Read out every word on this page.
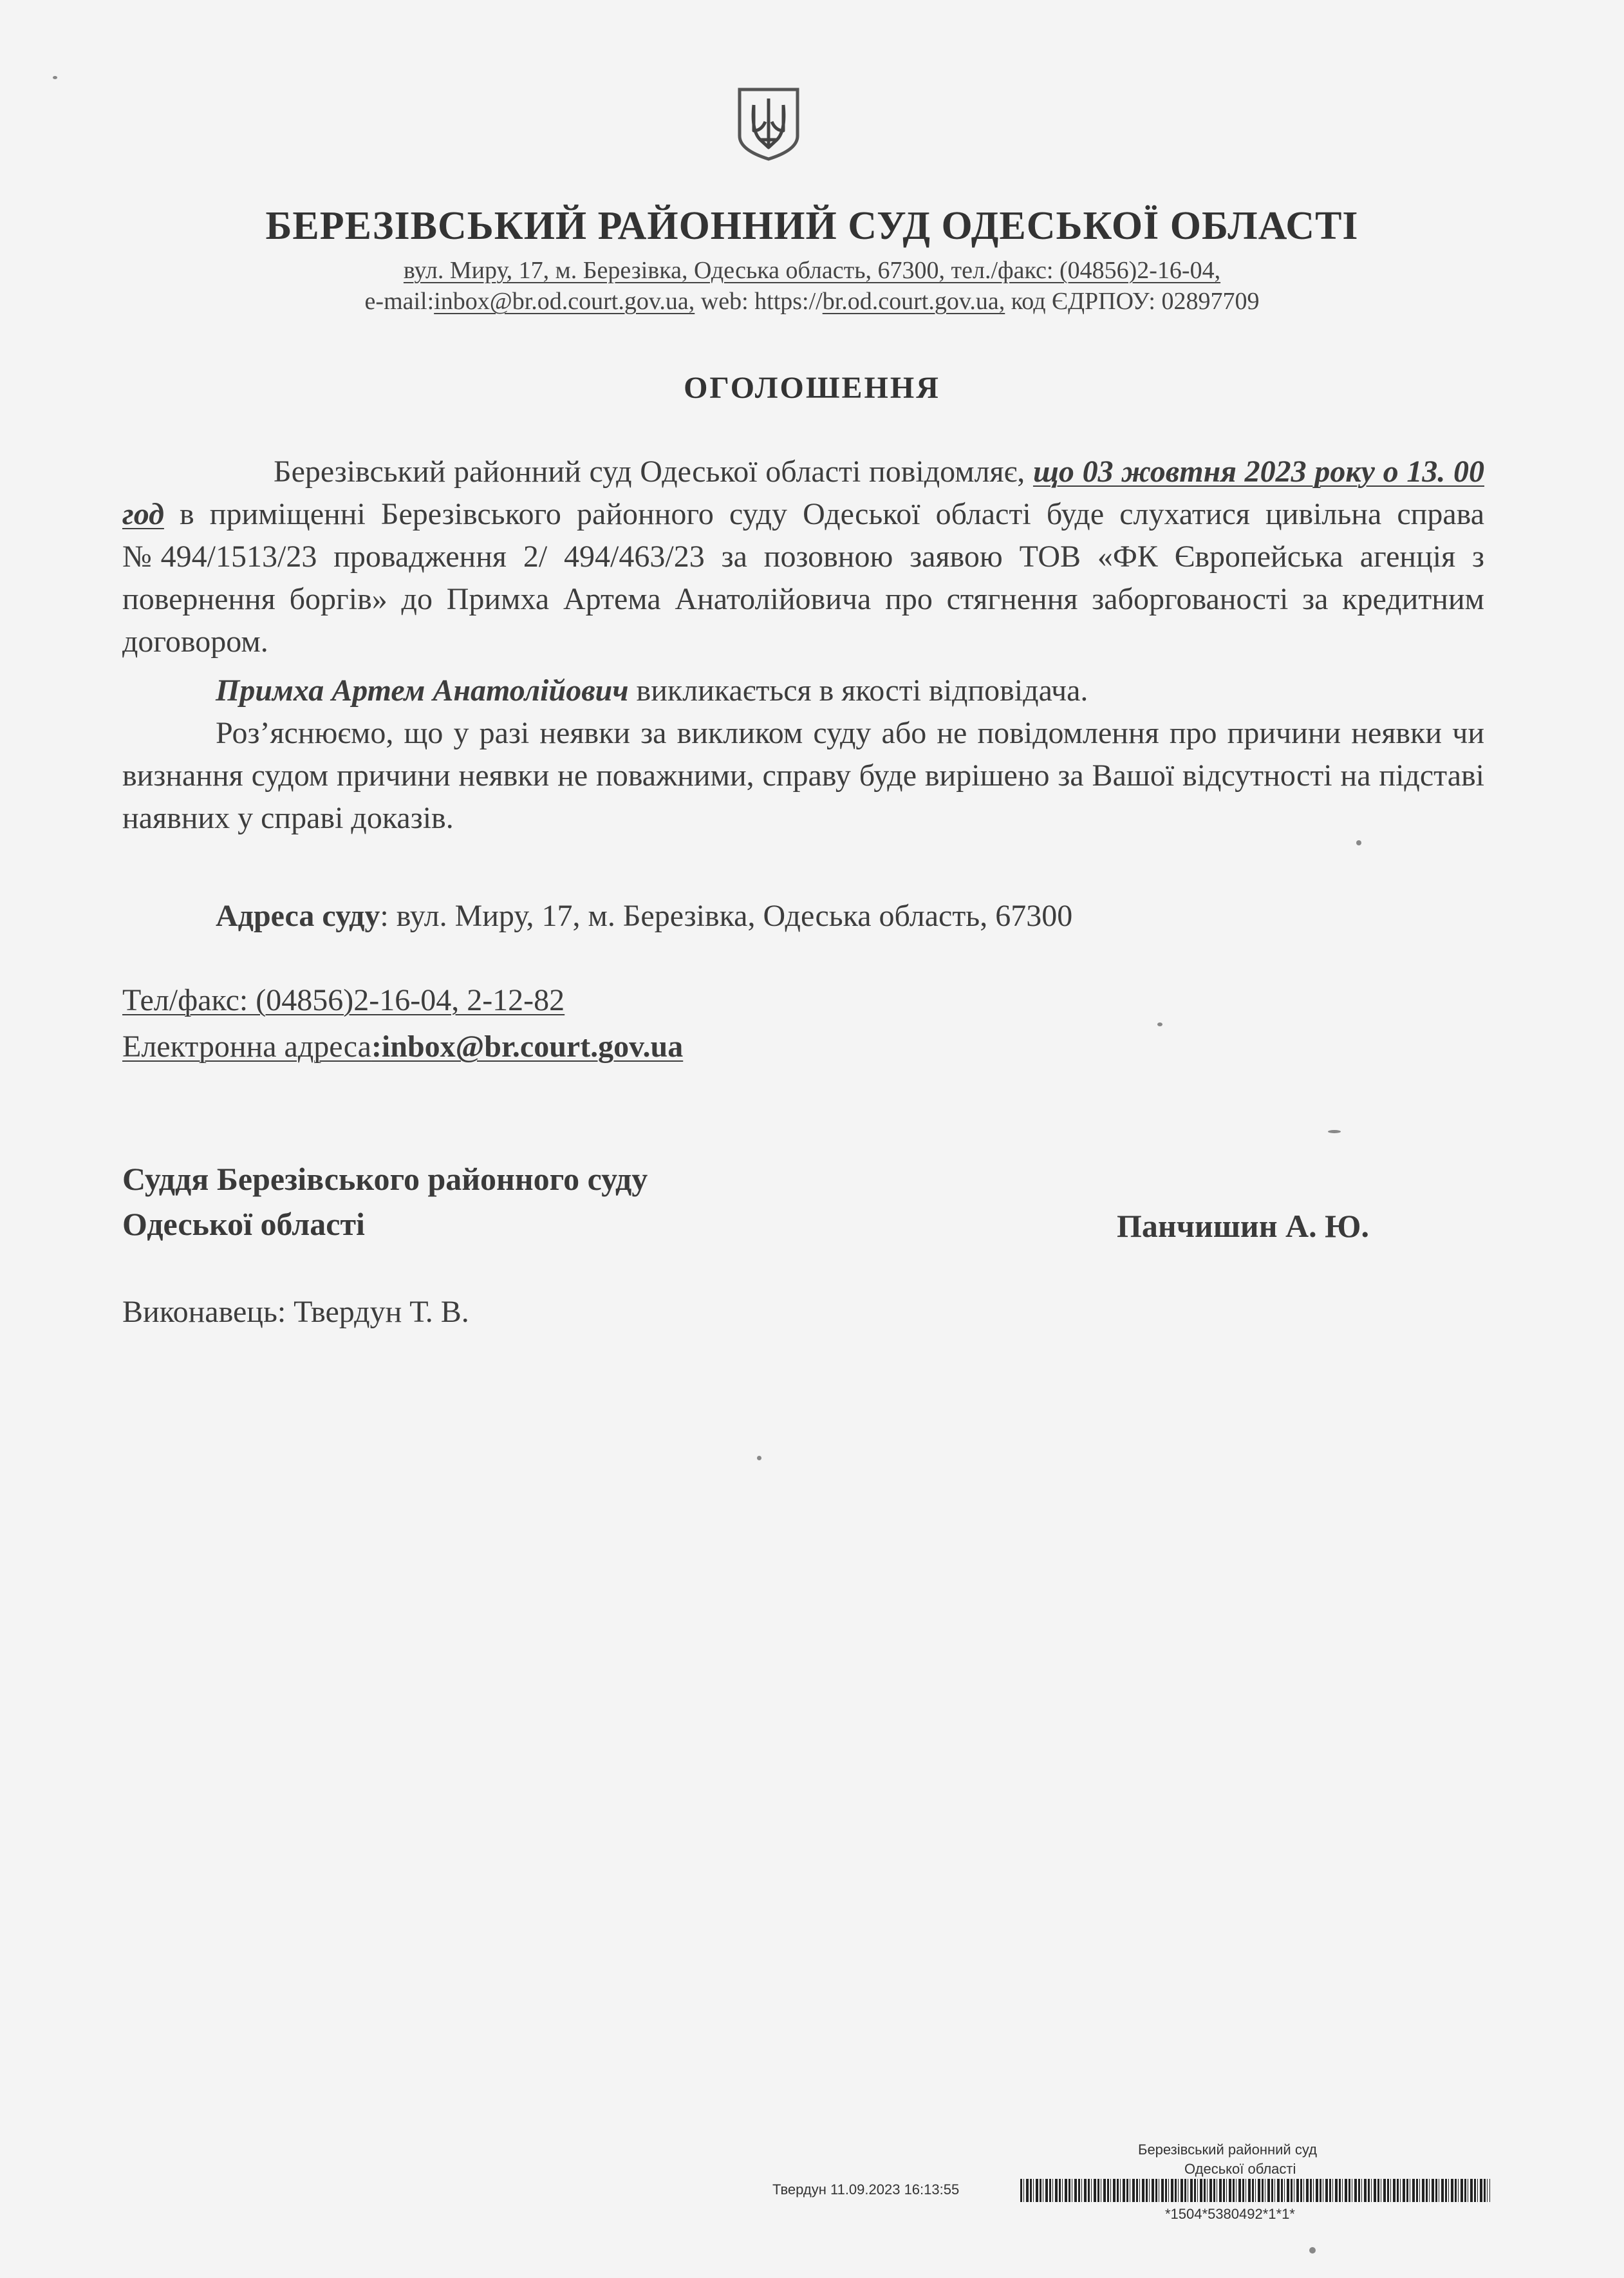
БЕРЕЗІВСЬКИЙ РАЙОННИЙ СУД ОДЕСЬКОЇ ОБЛАСТІ
вул. Миру, 17, м. Березівка, Одеська область, 67300, тел./факс: (04856)2-16-04,
e-mail:inbox@br.od.court.gov.ua, web: https://br.od.court.gov.ua, код ЄДРПОУ: 02897709
ОГОЛОШЕННЯ
Березівський районний суд Одеської області повідомляє, що 03 жовтня 2023 року о 13. 00 год в приміщенні Березівського районного суду Одеської області буде слухатися цивільна справа №494/1513/23 провадження 2/ 494/463/23 за позовною заявою ТОВ «ФК Європейська агенція з повернення боргів» до Примха Артема Анатолійовича про стягнення заборгованості за кредитним договором.
Примха Артем Анатолійович викликається в якості відповідача.
Роз’яснюємо, що у разі неявки за викликом суду або не повідомлення про причини неявки чи визнання судом причини неявки не поважними, справу буде вирішено за Вашої відсутності на підставі наявних у справі доказів.
Адреса суду: вул. Миру, 17, м. Березівка, Одеська область, 67300
Тел/факс: (04856)2-16-04, 2-12-82
Електронна адреса:inbox@br.court.gov.ua
Суддя Березівського районного суду
Одеської області	Панчишин А. Ю.
Виконавець: Твердун Т. В.
Березівський районний суд
Одеської області
Твердун 11.09.2023 16:13:55
*1504*5380492*1*1*
